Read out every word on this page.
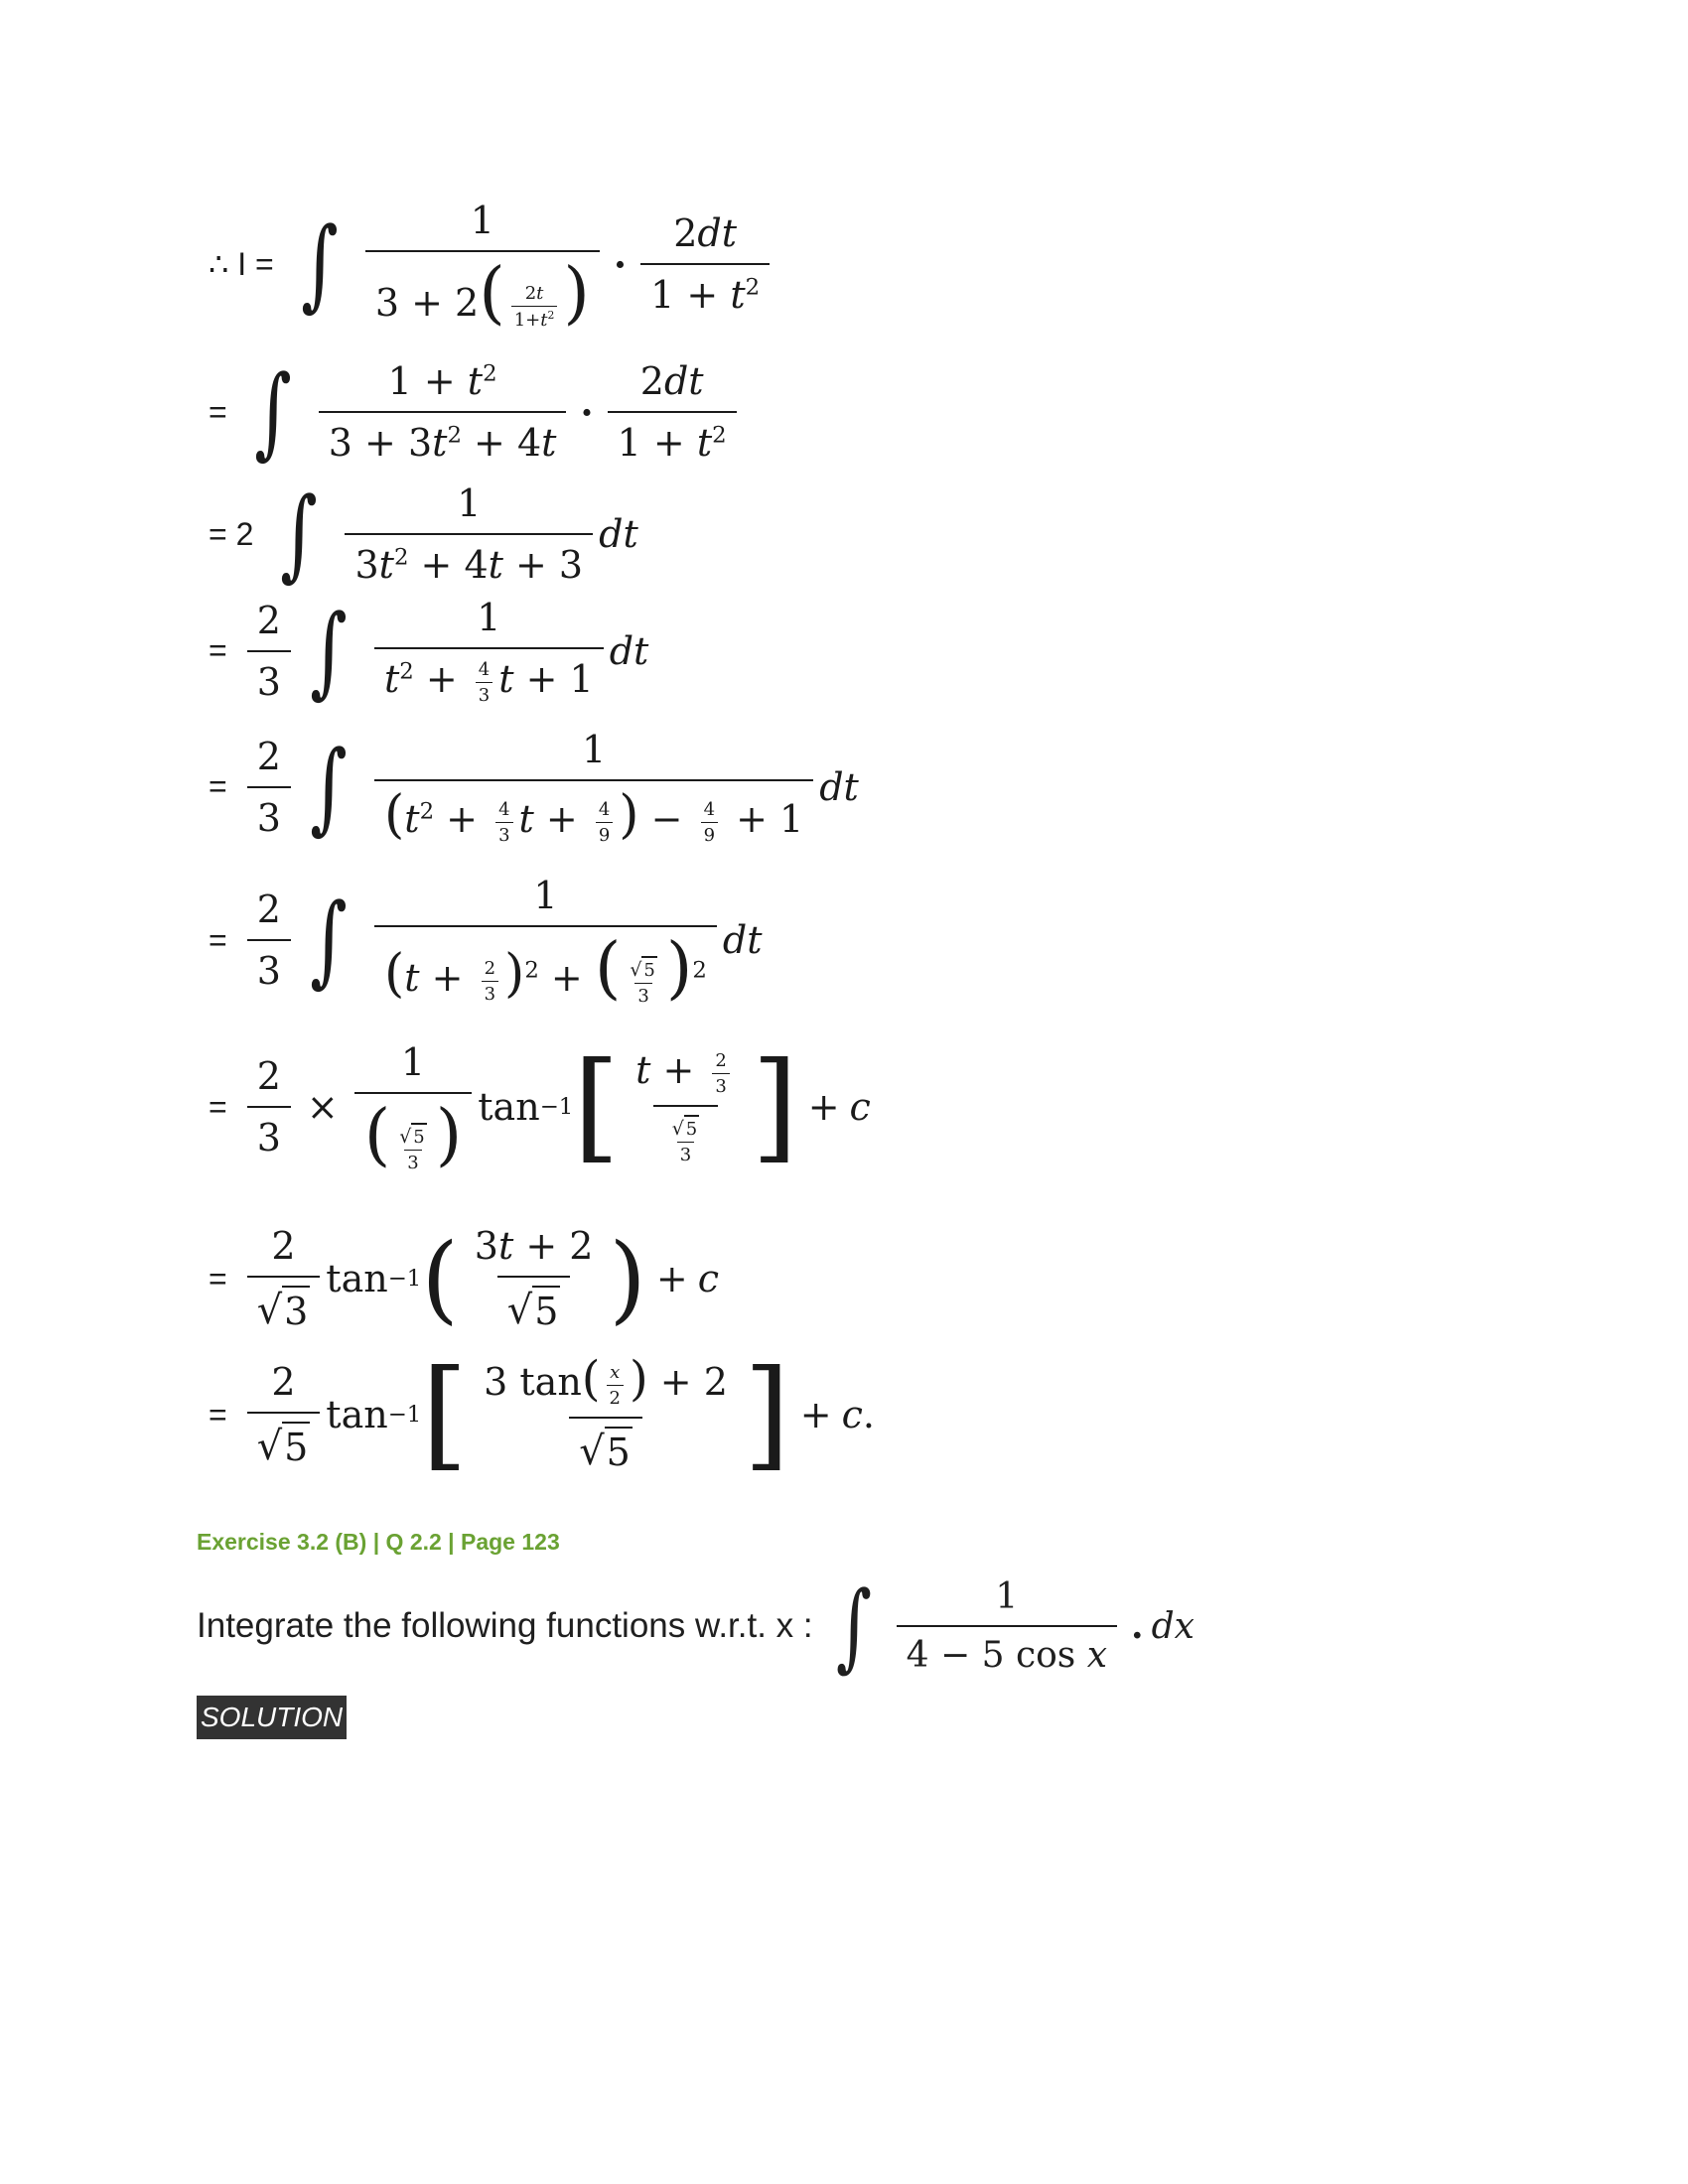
∴ I = ∫ $\frac{1}{3 + 2( \frac{2t}{1+t^2} )} \cdot \frac{2dt}{1 + t^2}$
= ∫ $\frac{1 + t^2}{3 + 3t^2 + 4t} \cdot \frac{2dt}{1 + t^2}$
= 2 ∫ $\frac{1}{3t^2 + 4t + 3}$ dt
= $\frac{2}{3}$ ∫ $\frac{1}{t^2 + \frac{4}{3} t + 1}$ dt
= $\frac{2}{3}$ ∫ $\frac{1}{(t^2 + \frac{4}{3} t + \frac{4}{9} ) - \frac{4}{9} + 1}$ dt
= $\frac{2}{3}$ ∫ $\frac{1}{(t + \frac{2}{3} )^2 + ( \frac{√ 5}{3} )^2}$ dt
= $\frac{2}{3} \times \frac{1}{( \frac{√ 5}{3} )}$ tan −1 [ $\frac{t + \frac{2}{3}}{\frac{√ 5}{3}}$ ] + c
= $\frac{2}{√ 3}$ tan −1 ( $\frac{3t + 2}{√ 5}$ ) + c
= $\frac{2}{√ 5}$ tan −1 [ $\frac{3 \tan( \frac{x}{2} ) + 2}{√ 5}$ ] + c .
Exercise 3.2 (B) | Q 2.2 | Page 123
Integrate the following functions w.r.t. x : ∫ $\frac{1}{\text{4 − 5 cos x}}$ . dx
SOLUTION
